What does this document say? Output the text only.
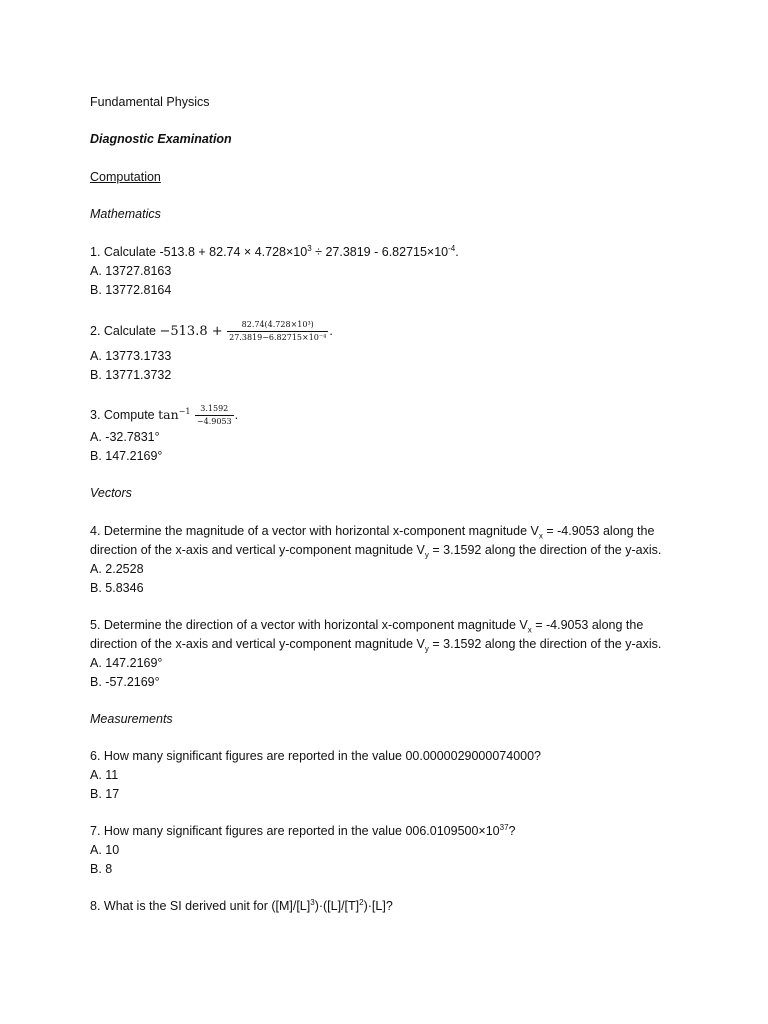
Fundamental Physics
Diagnostic Examination
Computation
Mathematics
1. Calculate $-513.8 + 82.74 \times 4.728\times 10^3 \div 27.3819 - 6.82715\times 10^{-4}$.
A. 13727.8163
B. 13772.8164
2. Calculate $-513.8 + \frac{\text{82.74(4.728×10³)}}{\text{27.3819−6.82715×10⁻⁴}}$ .
A. 13773.1733
B. 13771.3732
3. Compute $\tan^{-1} \frac{3.1592}{-4.9053}$ .
A. -32.7831°
B. 147.2169°
Vectors
4. Determine the magnitude of a vector with horizontal x-component magnitude $V_x = -4.9053$ along the
direction of the x-axis and vertical y-component magnitude $V_y = 3.1592$ along the direction of the y-axis.
A. 2.2528
B. 5.8346
5. Determine the direction of a vector with horizontal x-component magnitude $V_x = -4.9053$ along the
direction of the x-axis and vertical y-component magnitude $V_y = 3.1592$ along the direction of the y-axis.
A. 147.2169°
B. -57.2169°
Measurements
6. How many significant figures are reported in the value 00.0000029000074000?
A. 11
B. 17
7. How many significant figures are reported in the value $006.0109500\times 10^{37}$?
A. 10
B. 8
8. What is the SI derived unit for $([M]/[L]^3)\cdot([L]/[T]^2)\cdot[L]$?
